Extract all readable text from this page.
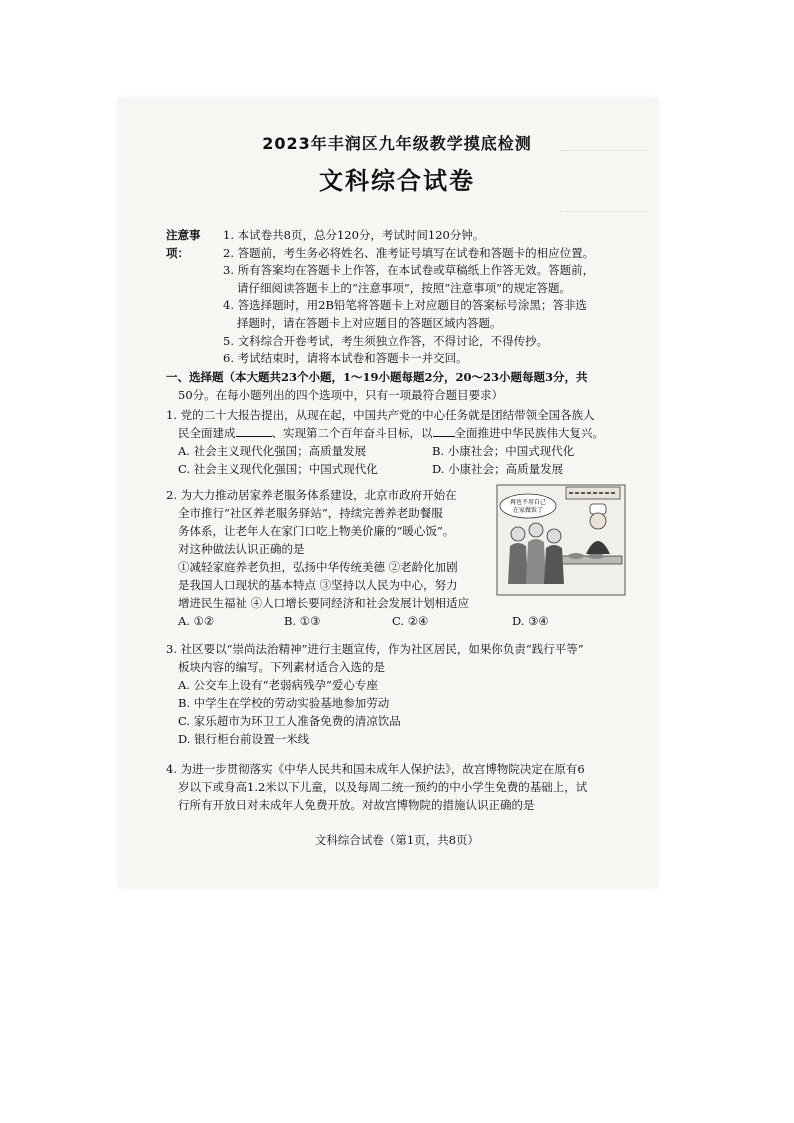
2023年丰润区九年级教学摸底检测
文科综合试卷
注意事项：
1. 本试卷共8页，总分120分，考试时间120分钟。
2. 答题前，考生务必将姓名、准考证号填写在试卷和答题卡的相应位置。
3. 所有答案均在答题卡上作答，在本试卷或草稿纸上作答无效。答题前，
请仔细阅读答题卡上的“注意事项”，按照“注意事项”的规定答题。
4. 答选择题时，用2B铅笔将答题卡上对应题目的答案标号涂黑；答非选
择题时，请在答题卡上对应题目的答题区域内答题。
5. 文科综合开卷考试，考生须独立作答，不得讨论，不得传抄。
6. 考试结束时，请将本试卷和答题卡一并交回。
一、选择题（本大题共23个小题，1～19小题每题2分，20～23小题每题3分，共
50分。在每小题列出的四个选项中，只有一项最符合题目要求）
1. 党的二十大报告提出，从现在起，中国共产党的中心任务就是团结带领全国各族人
民全面建成	、实现第二个百年奋斗目标，以 全面推进中华民族伟大复兴。
A. 社会主义现代化强国；高质量发展	B. 小康社会；中国式现代化
C. 社会主义现代化强国；中国式现代化	D. 小康社会；高质量发展
2. 为大力推动居家养老服务体系建设，北京市政府开始在
全市推行“社区养老服务驿站”，持续完善养老助餐服
务体系，让老年人在家门口吃上物美价廉的“暖心饭”。
对这种做法认识正确的是
①减轻家庭养老负担，弘扬中华传统美德 ②老龄化加剧
是我国人口现状的基本特点 ③坚持以人民为中心，努力
增进民生福祉 ④人口增长要同经济和社会发展计划相适应
A. ①②	B. ①③	C. ②④	D. ③④
再也不用自己
在家做饭了
3. 社区要以“崇尚法治精神”进行主题宣传，作为社区居民，如果你负责“践行平等”
板块内容的编写。下列素材适合入选的是
A. 公交车上设有“老弱病残孕”爱心专座
B. 中学生在学校的劳动实验基地参加劳动
C. 家乐超市为环卫工人准备免费的清凉饮品
D. 银行柜台前设置一米线
4. 为进一步贯彻落实《中华人民共和国未成年人保护法》，故宫博物院决定在原有6
岁以下或身高1.2米以下儿童，以及每周二统一预约的中小学生免费的基础上，试
行所有开放日对未成年人免费开放。对故宫博物院的措施认识正确的是
文科综合试卷（第1页，共8页）
